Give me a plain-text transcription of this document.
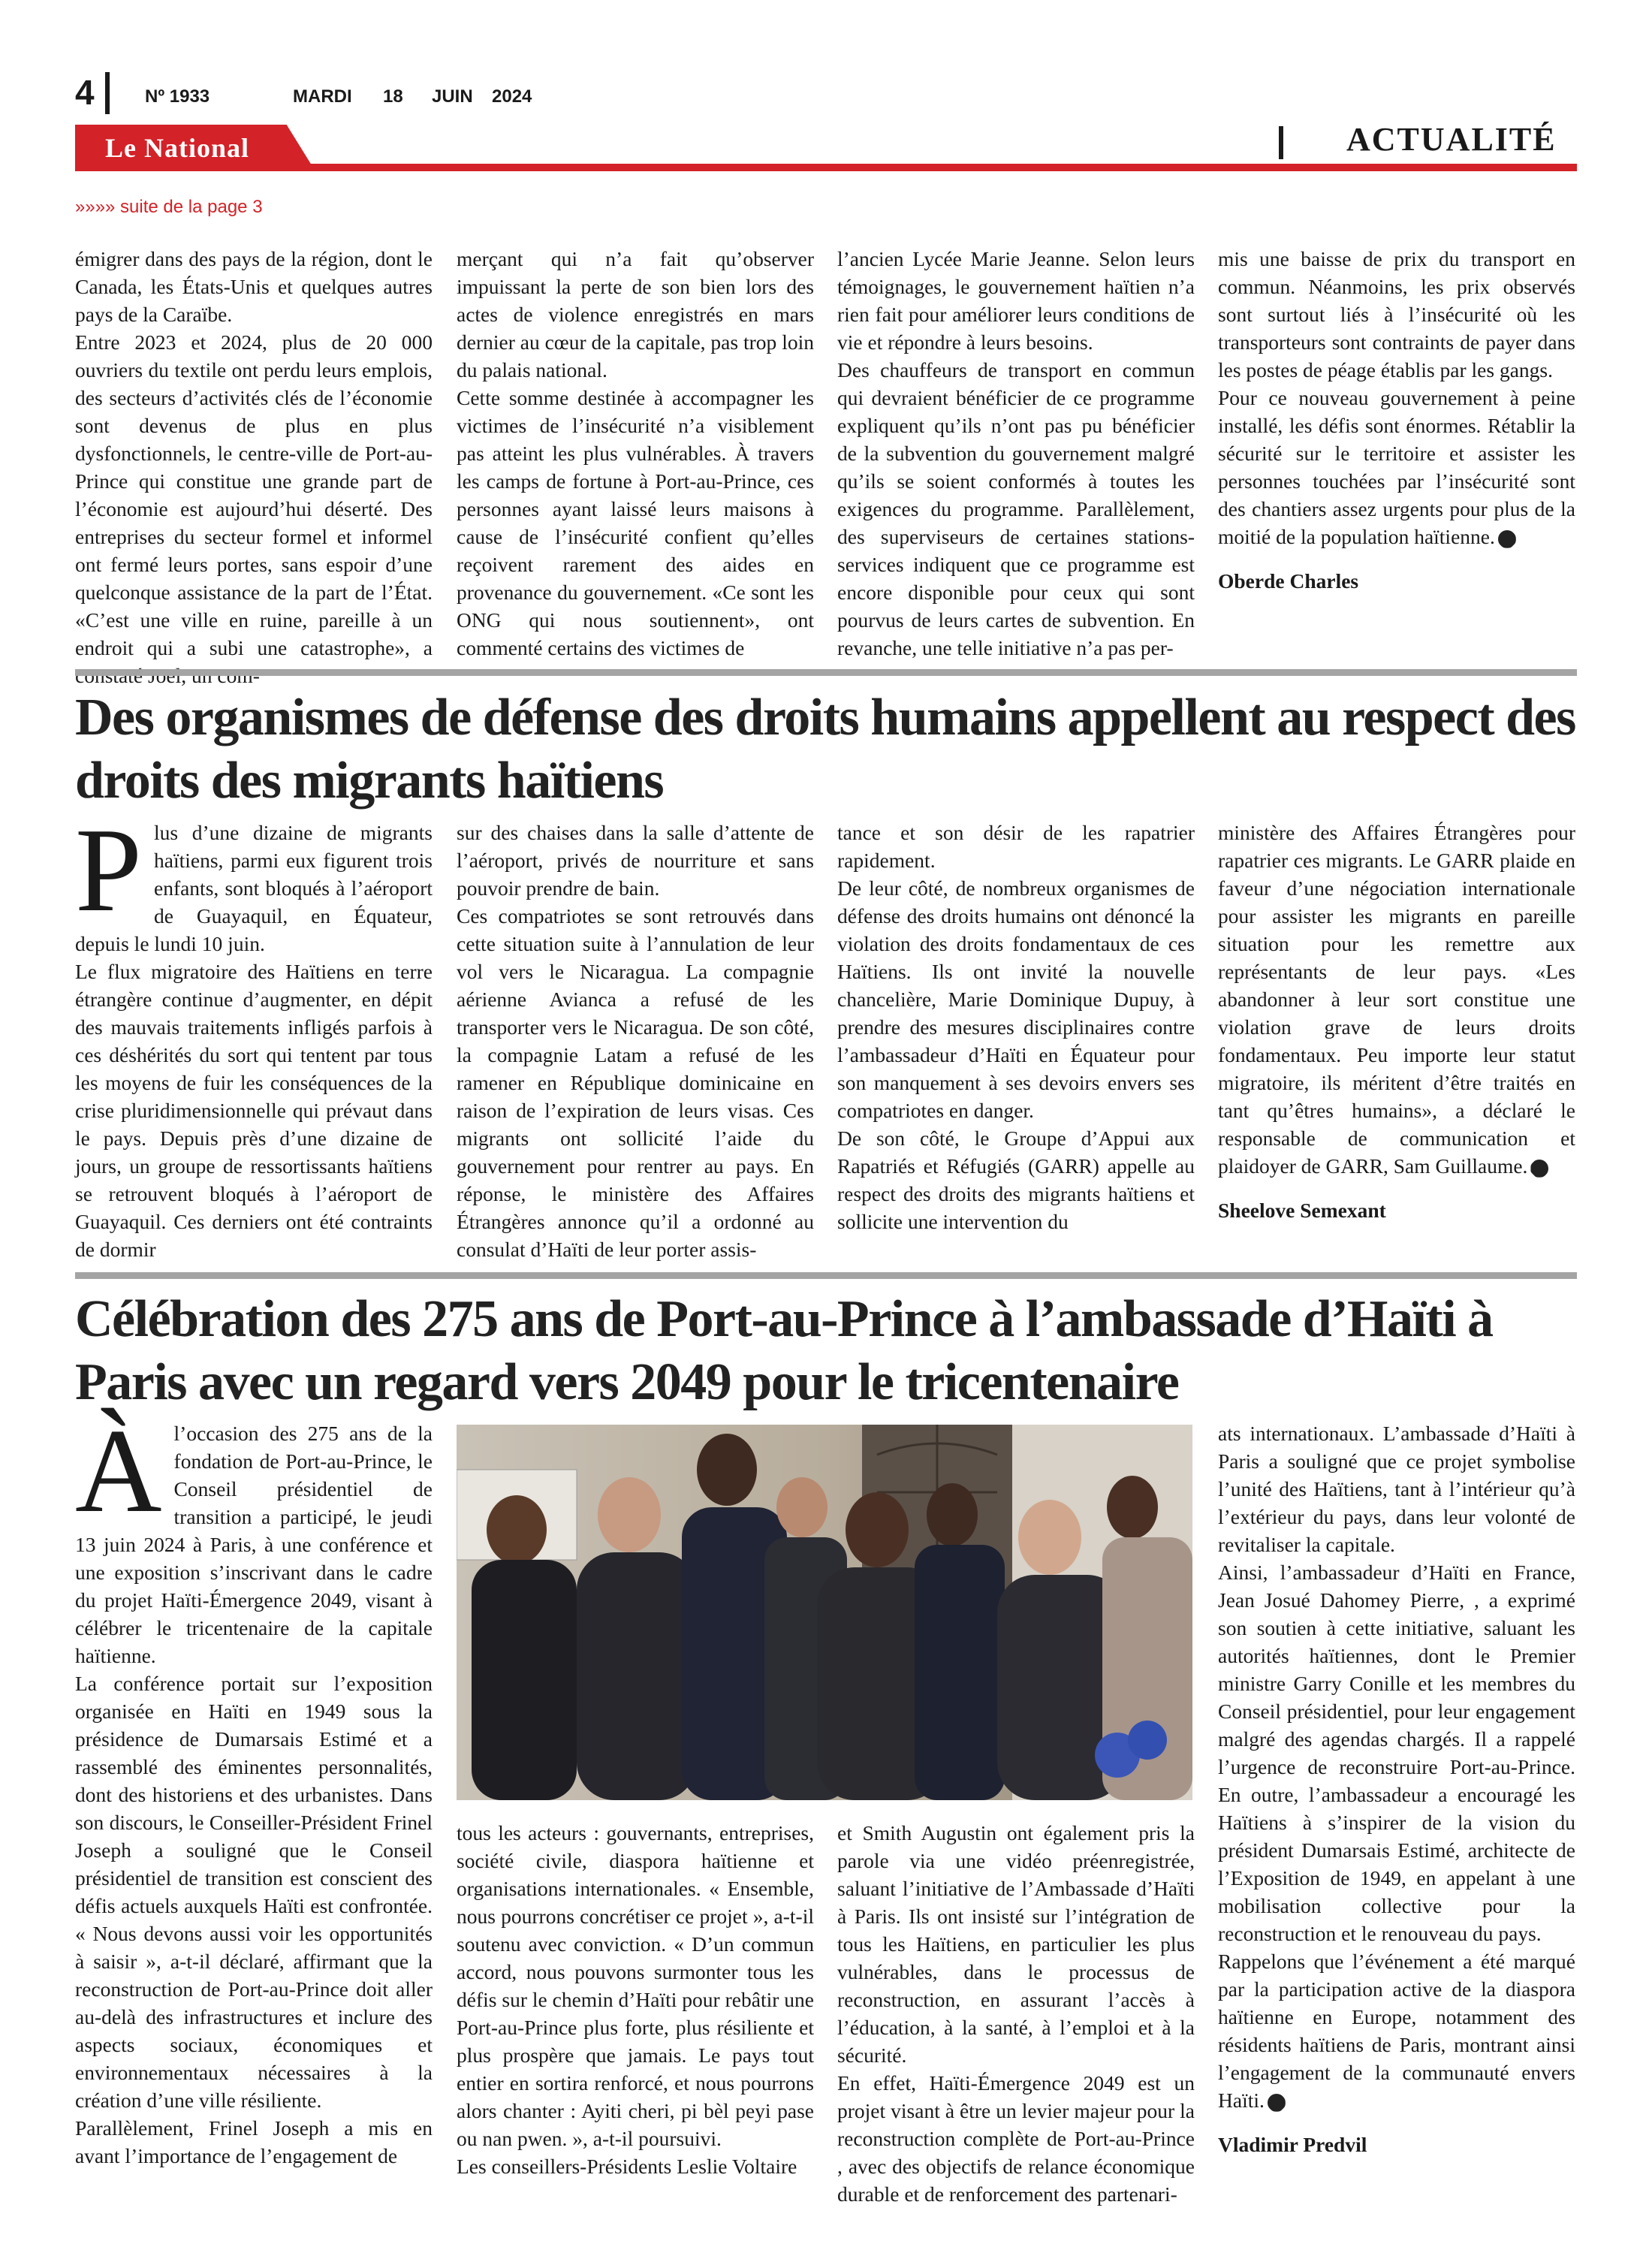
4	Nº 1933	MARDI 18 JUIN 2024
Le National	ACTUALITÉ
»»»» suite de la page 3

émigrer dans des pays de la région, dont le Canada, les États-Unis et quelques autres pays de la Caraïbe.
Entre 2023 et 2024, plus de 20 000 ouvriers du textile ont perdu leurs emplois, des secteurs d’activités clés de l’économie sont devenus de plus en plus dysfonctionnels, le centre-ville de Port-au-Prince qui constitue une grande part de l’économie est aujourd’hui déserté. Des entreprises du secteur formel et informel ont fermé leurs portes, sans espoir d’une quelconque assistance de la part de l’État. «C’est une ville en ruine, pareille à un endroit qui a subi une catastrophe», a

merçant qui n’a fait qu’observer impuissant la perte de son bien lors des actes de violence enregistrés en mars dernier au cœur de la capitale, pas trop loin du palais national.
Cette somme destinée à accompagner les victimes de l’insécurité n’a visiblement pas atteint les plus vulnérables. À travers les camps de fortune à Port-au-Prince, ces personnes ayant laissé leurs maisons à cause de l’insécurité confient qu’elles reçoivent rarement des aides en provenance du gouvernement. «Ce sont les ONG qui nous soutiennent», ont commenté certains des victimes de

l’ancien Lycée Marie Jeanne. Selon leurs témoignages, le gouvernement haïtien n’a rien fait pour améliorer leurs conditions de vie et répondre à leurs besoins.
Des chauffeurs de transport en commun qui devraient bénéficier de ce programme expliquent qu’ils n’ont pas pu bénéficier de la subvention du gouvernement malgré qu’ils se soient conformés à toutes les exigences du programme. Parallèlement, des superviseurs de certaines stations-services indiquent que ce programme est encore disponible pour ceux qui sont pourvus de leurs cartes de subvention. En revanche, une telle initiative n’a pas per-

mis une baisse de prix du transport en commun. Néanmoins, les prix observés sont surtout liés à l’insécurité où les transporteurs sont contraints de payer dans les postes de péage établis par les gangs.
Pour ce nouveau gouvernement à peine installé, les défis sont énormes. Rétablir la sécurité sur le territoire et assister les personnes touchées par l’insécurité sont des chantiers assez urgents pour plus de la moitié de la population haïtienne.

Oberde Charles

Des organismes de défense des droits humains appellent au respect des droits des migrants haïtiens

Plus d’une dizaine de migrants haïtiens, parmi eux figurent trois enfants, sont bloqués à l’aéroport de Guayaquil, en Équateur, depuis le lundi 10 juin.
Le flux migratoire des Haïtiens en terre étrangère continue d’augmenter, en dépit des mauvais traitements infligés parfois à ces déshérités du sort qui tentent par tous les moyens de fuir les conséquences de la crise pluridimensionnelle qui prévaut dans le pays. Depuis près d’une dizaine de jours, un groupe de ressortissants haïtiens se retrouvent bloqués à l’aéroport de Guayaquil. Ces derniers ont été contraints de dormir

sur des chaises dans la salle d’attente de l’aéroport, privés de nourriture et sans pouvoir prendre de bain.
Ces compatriotes se sont retrouvés dans cette situation suite à l’annulation de leur vol vers le Nicaragua. La compagnie aérienne Avianca a refusé de les transporter vers le Nicaragua. De son côté, la compagnie Latam a refusé de les ramener en République dominicaine en raison de l’expiration de leurs visas. Ces migrants ont sollicité l’aide du gouvernement pour rentrer au pays. En réponse, le ministère des Affaires Étrangères annonce qu’il a ordonné au consulat d’Haïti de leur porter assis-

tance et son désir de les rapatrier rapidement.
De leur côté, de nombreux organismes de défense des droits humains ont dénoncé la violation des droits fondamentaux de ces Haïtiens. Ils ont invité la nouvelle chancelière, Marie Dominique Dupuy, à prendre des mesures disciplinaires contre l’ambassadeur d’Haïti en Équateur pour son manquement à ses devoirs envers ses compatriotes en danger.
De son côté, le Groupe d’Appui aux Rapatriés et Réfugiés (GARR) appelle au respect des droits des migrants haïtiens et sollicite une intervention du

ministère des Affaires Étrangères pour rapatrier ces migrants. Le GARR plaide en faveur d’une négociation internationale pour assister les migrants en pareille situation pour les remettre aux représentants de leur pays. «Les abandonner à leur sort constitue une violation grave de leurs droits fondamentaux. Peu importe leur statut migratoire, ils méritent d’être traités en tant qu’êtres humains», a déclaré le responsable de communication et plaidoyer de GARR, Sam Guillaume.

Sheelove Semexant

Célébration des 275 ans de Port-au-Prince à l’ambassade d’Haïti à Paris avec un regard vers 2049 pour le tricentenaire

Àl’occasion des 275 ans de la fondation de Port-au-Prince, le Conseil présidentiel de transition a participé, le jeudi 13 juin 2024 à Paris, à une conférence et une exposition s’inscrivant dans le cadre du projet Haïti-Émergence 2049, visant à célébrer le tricentenaire de la capitale haïtienne.
La conférence portait sur l’exposition organisée en Haïti en 1949 sous la présidence de Dumarsais Estimé et a rassemblé des éminentes personnalités, dont des historiens et des urbanistes. Dans son discours, le Conseiller-Président Frinel Joseph a souligné que le Conseil présidentiel de transition est conscient des défis actuels auxquels Haïti est confrontée. « Nous devons aussi voir les opportunités à saisir », a-t-il déclaré, affirmant que la reconstruction de Port-au-Prince doit aller au-delà des infrastructures et inclure des aspects sociaux, économiques et environnementaux nécessaires à la création d’une ville résiliente.
Parallèlement, Frinel Joseph a mis en avant l’importance de l’engagement de

tous les acteurs : gouvernants, entreprises, société civile, diaspora haïtienne et organisations internationales. « Ensemble, nous pourrons concrétiser ce projet », a-t-il soutenu avec conviction. « D’un commun accord, nous pouvons surmonter tous les défis sur le chemin d’Haïti pour rebâtir une Port-au-Prince plus forte, plus résiliente et plus prospère que jamais. Le pays tout entier en sortira renforcé, et nous pourrons alors chanter : Ayiti cheri, pi bèl peyi pase ou nan pwen. », a-t-il poursuivi.
Les conseillers-Présidents Leslie Voltaire

et Smith Augustin ont également pris la parole via une vidéo préenregistrée, saluant l’initiative de l’Ambassade d’Haïti à Paris. Ils ont insisté sur l’intégration de tous les Haïtiens, en particulier les plus vulnérables, dans le processus de reconstruction, en assurant l’accès à l’éducation, à la santé, à l’emploi et à la sécurité.
En effet, Haïti-Émergence 2049 est un projet visant à être un levier majeur pour la reconstruction complète de Port-au-Prince , avec des objectifs de relance économique durable et de renforcement des partenari-

ats internationaux. L’ambassade d’Haïti à Paris a souligné que ce projet symbolise l’unité des Haïtiens, tant à l’intérieur qu’à l’extérieur du pays, dans leur volonté de revitaliser la capitale.
Ainsi, l’ambassadeur d’Haïti en France, Jean Josué Dahomey Pierre, , a exprimé son soutien à cette initiative, saluant les autorités haïtiennes, dont le Premier ministre Garry Conille et les membres du Conseil présidentiel, pour leur engagement malgré des agendas chargés. Il a rappelé l’urgence de reconstruire Port-au-Prince. En outre, l’ambassadeur a encouragé les Haïtiens à s’inspirer de la vision du président Dumarsais Estimé, architecte de l’Exposition de 1949, en appelant à une mobilisation collective pour la reconstruction et le renouveau du pays.
Rappelons que l’événement a été marqué par la participation active de la diaspora haïtienne en Europe, notamment des résidents haïtiens de Paris, montrant ainsi l’engagement de la communauté envers Haïti.

Vladimir Predvil
